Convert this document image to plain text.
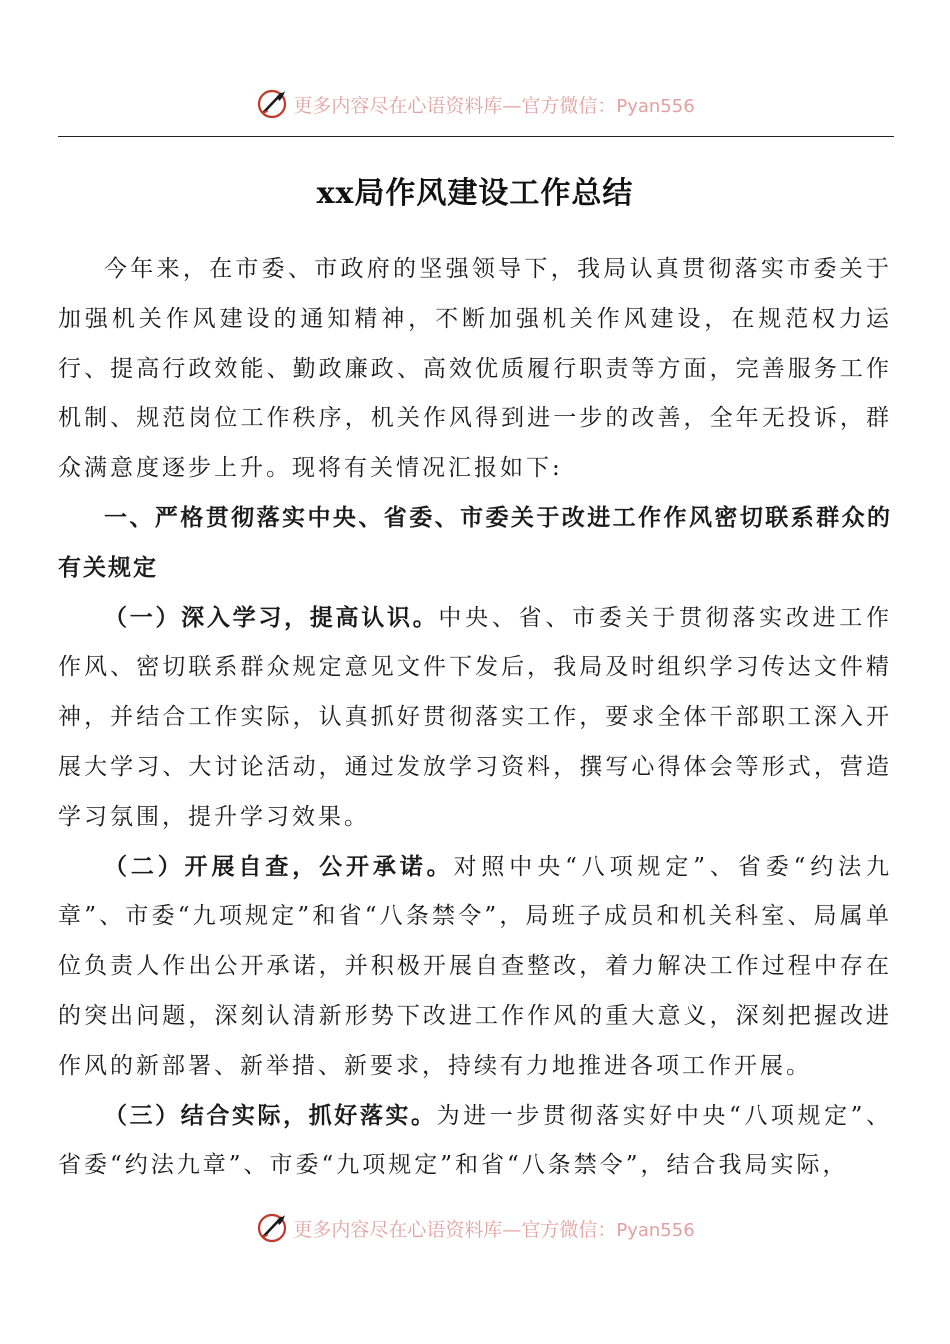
更多内容尽在心语资料库—官方微信：Pyan556
xx局作风建设工作总结

今年来，在市委、市政府的坚强领导下，我局认真贯彻落实市委关于加强机关作风建设的通知精神，不断加强机关作风建设，在规范权力运行、提高行政效能、勤政廉政、高效优质履行职责等方面，完善服务工作机制、规范岗位工作秩序，机关作风得到进一步的改善，全年无投诉，群众满意度逐步上升。现将有关情况汇报如下:

一、严格贯彻落实中央、省委、市委关于改进工作作风密切联系群众的有关规定

（一）深入学习，提高认识。中央、省、市委关于贯彻落实改进工作作风、密切联系群众规定意见文件下发后，我局及时组织学习传达文件精神，并结合工作实际，认真抓好贯彻落实工作，要求全体干部职工深入开展大学习、大讨论活动，通过发放学习资料，撰写心得体会等形式，营造学习氛围，提升学习效果。

（二）开展自查，公开承诺。对照中央“八项规定”、省委“约法九章”、市委“九项规定”和省“八条禁令”，局班子成员和机关科室、局属单位负责人作出公开承诺，并积极开展自查整改，着力解决工作过程中存在的突出问题，深刻认清新形势下改进工作作风的重大意义，深刻把握改进作风的新部署、新举措、新要求，持续有力地推进各项工作开展。

（三）结合实际，抓好落实。为进一步贯彻落实好中央“八项规定”、省委“约法九章”、市委“九项规定”和省“八条禁令”，结合我局实际，

更多内容尽在心语资料库—官方微信：Pyan556
